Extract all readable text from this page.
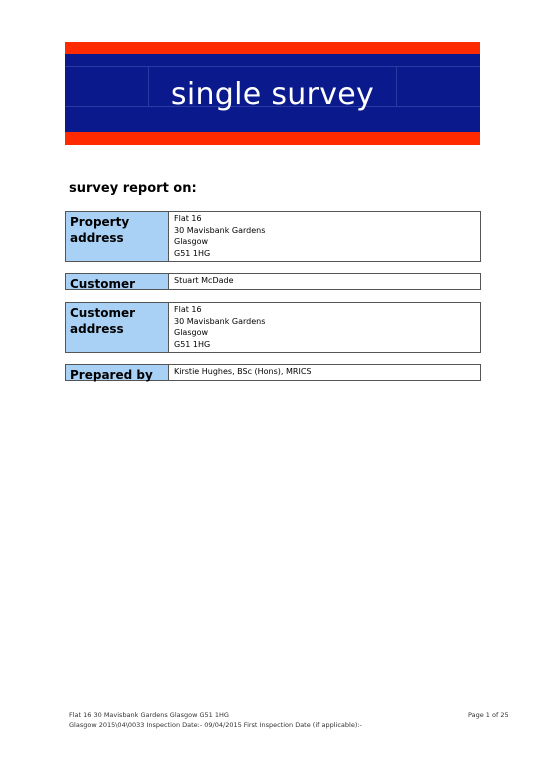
single survey
survey report on:
Property address
Flat 16
30 Mavisbank Gardens
Glasgow
G51 1HG
Customer	Stuart McDade
Customer address
Flat 16
30 Mavisbank Gardens
Glasgow
G51 1HG
Prepared by	Kirstie Hughes, BSc (Hons), MRICS
Flat 16 30 Mavisbank Gardens Glasgow G51 1HG
Glasgow 2015\04\0033 Inspection Date:- 09/04/2015 First Inspection Date (if applicable):-
Page 1 of 25
